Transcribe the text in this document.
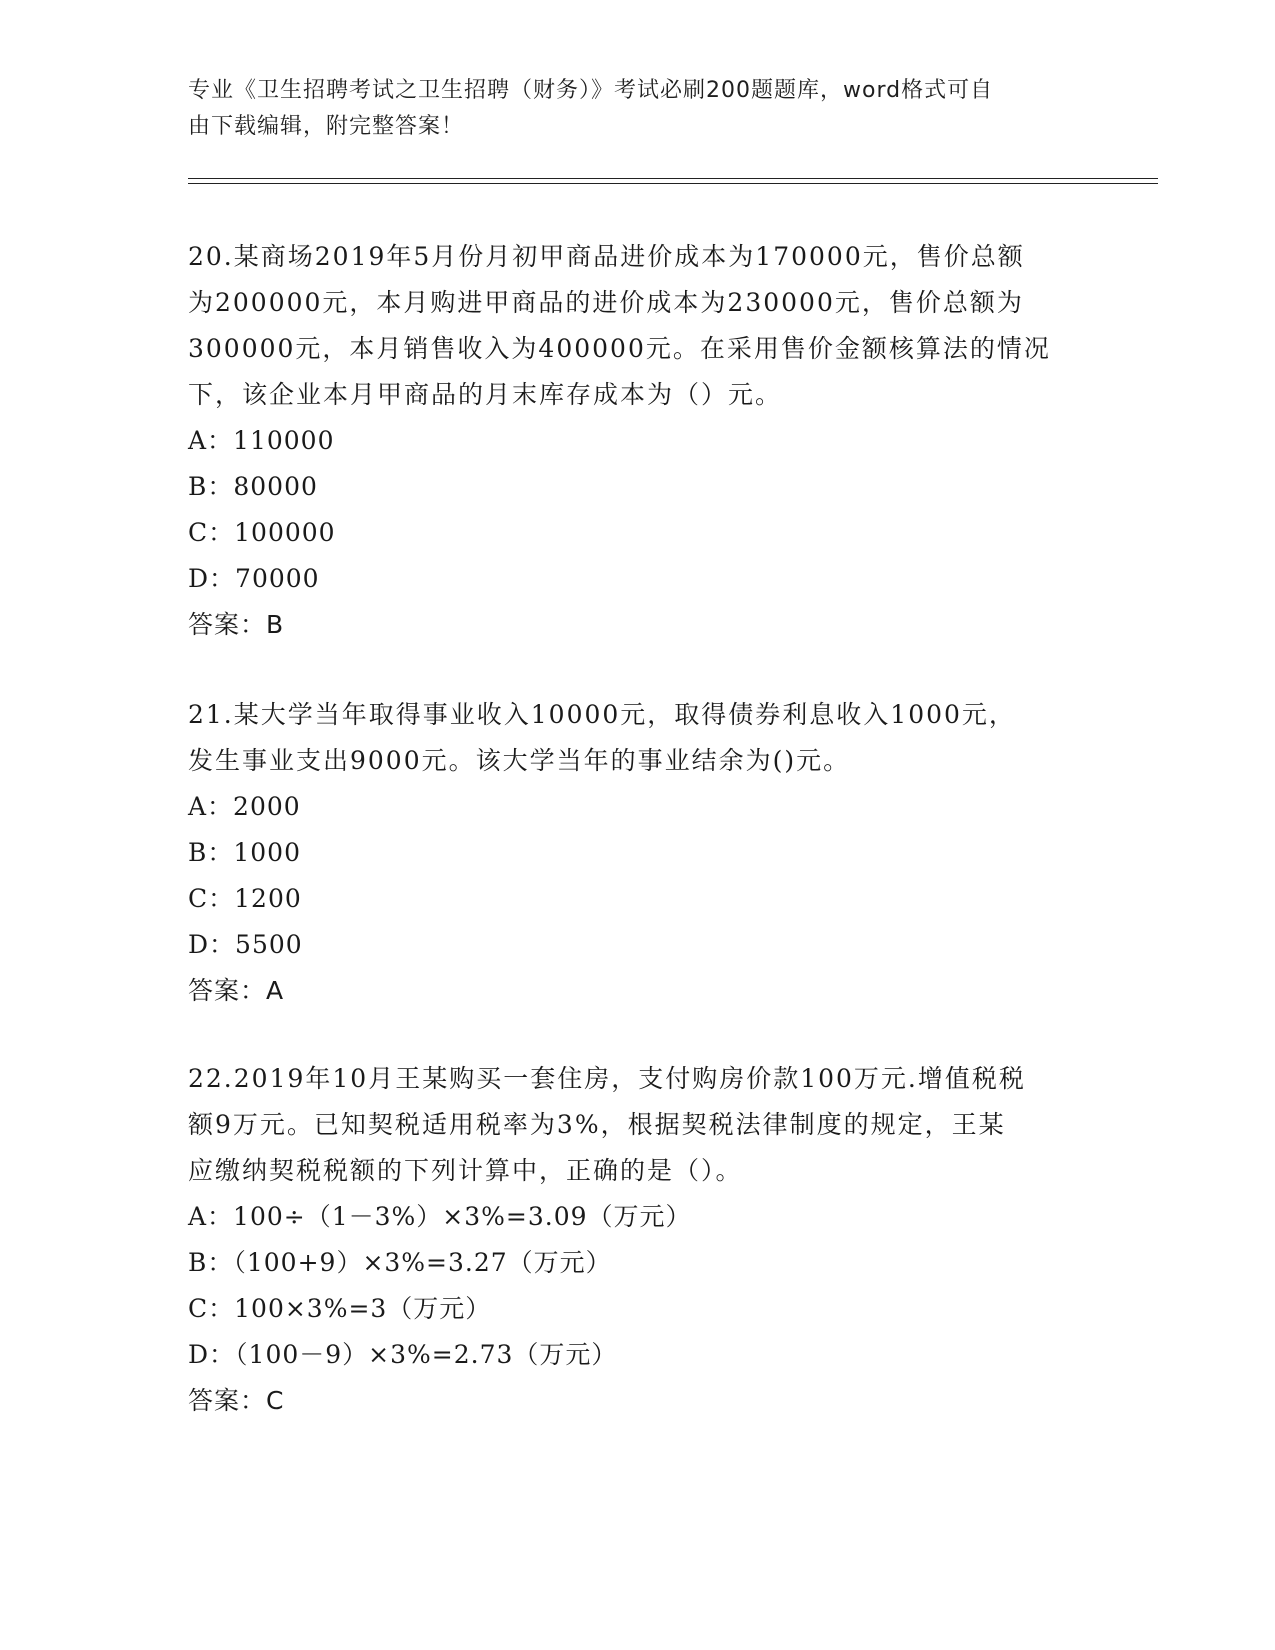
专业《卫生招聘考试之卫生招聘（财务）》考试必刷200题题库，word格式可自
由下载编辑，附完整答案！
20.某商场2019年5月份月初甲商品进价成本为170000元，售价总额
为200000元，本月购进甲商品的进价成本为230000元，售价总额为
300000元，本月销售收入为400000元。在采用售价金额核算法的情况
下，该企业本月甲商品的月末库存成本为（）元。
A：110000
B：80000
C：100000
D：70000
答案：B
21.某大学当年取得事业收入10000元，取得债券利息收入1000元，
发生事业支出9000元。该大学当年的事业结余为()元。
A：2000
B：1000
C：1200
D：5500
答案：A
22.2019年10月王某购买一套住房，支付购房价款100万元.增值税税
额9万元。已知契税适用税率为3%，根据契税法律制度的规定，王某
应缴纳契税税额的下列计算中，正确的是（）。
A：100÷（1－3%）×3%=3.09（万元）
B：（100+9）×3%=3.27（万元）
C：100×3%=3（万元）
D：（100－9）×3%=2.73（万元）
答案：C
